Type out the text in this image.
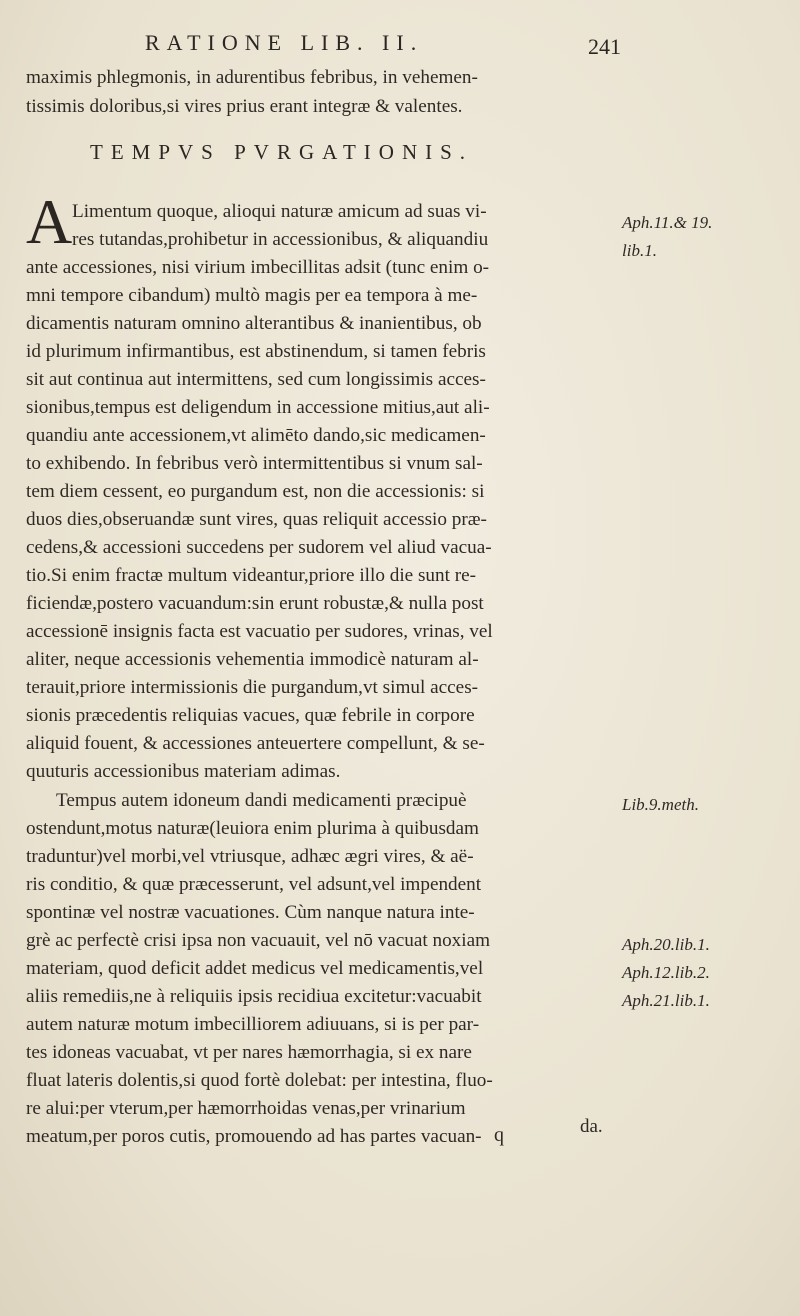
RATIONE LIB. II.	241
maximis phlegmonis, in adurentibus febribus, in vehemen-
tissimis doloribus,si vires prius erant integræ & valentes.
TEMPVS PVRGATIONIS.
A Limentum quoque, alioqui naturæ amicum ad suas vi-
res tutandas,prohibetur in accessionibus, & aliquandiu
ante accessiones, nisi virium imbecillitas adsit (tunc enim o-
mni tempore cibandum) multò magis per ea tempora à me-
dicamentis naturam omnino alterantibus & inanientibus, ob
id plurimum infirmantibus, est abstinendum, si tamen febris
sit aut continua aut intermittens, sed cum longissimis acces-
sionibus,tempus est deligendum in accessione mitius,aut ali-
quandiu ante accessionem,vt alimēto dando,sic medicamen-
to exhibendo. In febribus verò intermittentibus si vnum sal-
tem diem cessent, eo purgandum est, non die accessionis: si
duos dies,obseruandæ sunt vires, quas reliquit accessio præ-
cedens,& accessioni succedens per sudorem vel aliud vacua-
tio.Si enim fractæ multum videantur,priore illo die sunt re-
ficiendæ,postero vacuandum:sin erunt robustæ,& nulla post
accessionē insignis facta est vacuatio per sudores, vrinas, vel
aliter, neque accessionis vehementia immodicè naturam al-
terauit,priore intermissionis die purgandum,vt simul acces-
sionis præcedentis reliquias vacues, quæ febrile in corpore
aliquid fouent, & accessiones anteuertere compellunt, & se-
quuturis accessionibus materiam adimas.
Tempus autem idoneum dandi medicamenti præcipuè
ostendunt,motus naturæ(leuiora enim plurima à quibusdam
traduntur)vel morbi,vel vtriusque, adhæc ægri vires, & aë-
ris conditio, & quæ præcesserunt, vel adsunt,vel impendent
spontinæ vel nostræ vacuationes. Cùm nanque natura inte-
grè ac perfectè crisi ipsa non vacuauit, vel nō vacuat noxiam
materiam, quod deficit addet medicus vel medicamentis,vel
aliis remediis,ne à reliquiis ipsis recidiua excitetur:vacuabit
autem naturæ motum imbecilliorem adiuuans, si is per par-
tes idoneas vacuabat, vt per nares hæmorrhagia, si ex nare
fluat lateris dolentis,si quod fortè dolebat: per intestina, fluo-
re alui:per vterum,per hæmorrhoidas venas,per vrinarium
meatum,per poros cutis, promouendo ad has partes vacuan-
Aph.11.& 19.
lib.1.
Lib.9.meth.
Aph.20.lib.1.
Aph.12.lib.2.
Aph.21.lib.1.
q	da.
